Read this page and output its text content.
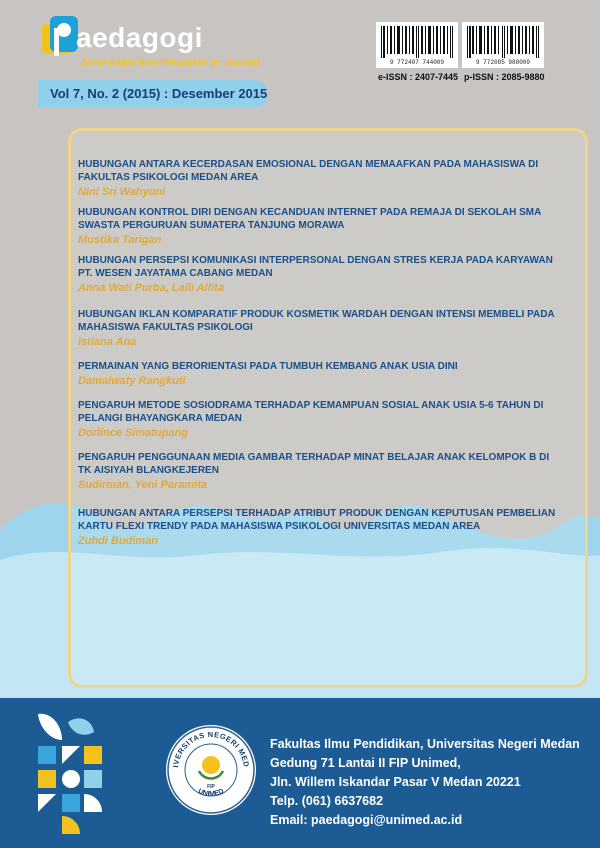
aedagogi
Jurnal Kajian Ilmu Pendidikan (e- Journal)
Vol 7, No. 2 (2015) : Desember 2015
9 772407 744009	9 772085 988009
e-ISSN : 2407-7445 p-ISSN : 2085-9880
HUBUNGAN ANTARA KECERDASAN EMOSIONAL DENGAN MEMAAFKAN PADA MAHASISWA DI FAKULTAS PSIKOLOGI MEDAN AREA
Nini Sri Wahyuni
HUBUNGAN KONTROL DIRI DENGAN KECANDUAN INTERNET PADA REMAJA DI SEKOLAH SMA SWASTA PERGURUAN SUMATERA TANJUNG MORAWA
Mustika Tarigan
HUBUNGAN PERSEPSI KOMUNIKASI INTERPERSONAL DENGAN STRES KERJA PADA KARYAWAN PT. WESEN JAYATAMA CABANG MEDAN
Anna Wati Purba, Laili Alfita
HUBUNGAN IKLAN KOMPARATIF PRODUK KOSMETIK WARDAH DENGAN INTENSI MEMBELI PADA MAHASISWA FAKULTAS PSIKOLOGI
Istiana Ana
PERMAINAN YANG BERORIENTASI PADA TUMBUH KEMBANG ANAK USIA DINI
Damaiwaty Rangkuti
PENGARUH METODE SOSIODRAMA TERHADAP KEMAMPUAN SOSIAL ANAK USIA 5-6 TAHUN DI PELANGI BHAYANGKARA MEDAN
Dorlince Simatupang
PENGARUH PENGGUNAAN MEDIA GAMBAR TERHADAP MINAT BELAJAR ANAK KELOMPOK B DI TK AISIYAH BLANGKEJEREN
Sudirman, Yeni Paramita
HUBUNGAN ANTARA PERSEPSI TERHADAP ATRIBUT PRODUK DENGAN KEPUTUSAN PEMBELIAN KARTU FLEXI TRENDY PADA MAHASISWA PSIKOLOGI UNIVERSITAS MEDAN AREA
Zuhdi Budiman
IVERSITAS NEGERI MED
UNIMED
FIP
Fakultas Ilmu Pendidikan, Universitas Negeri Medan
Gedung 71 Lantai II FIP Unimed,
Jln. Willem Iskandar Pasar V Medan 20221
Telp. (061) 6637682
Email: paedagogi@unimed.ac.id
